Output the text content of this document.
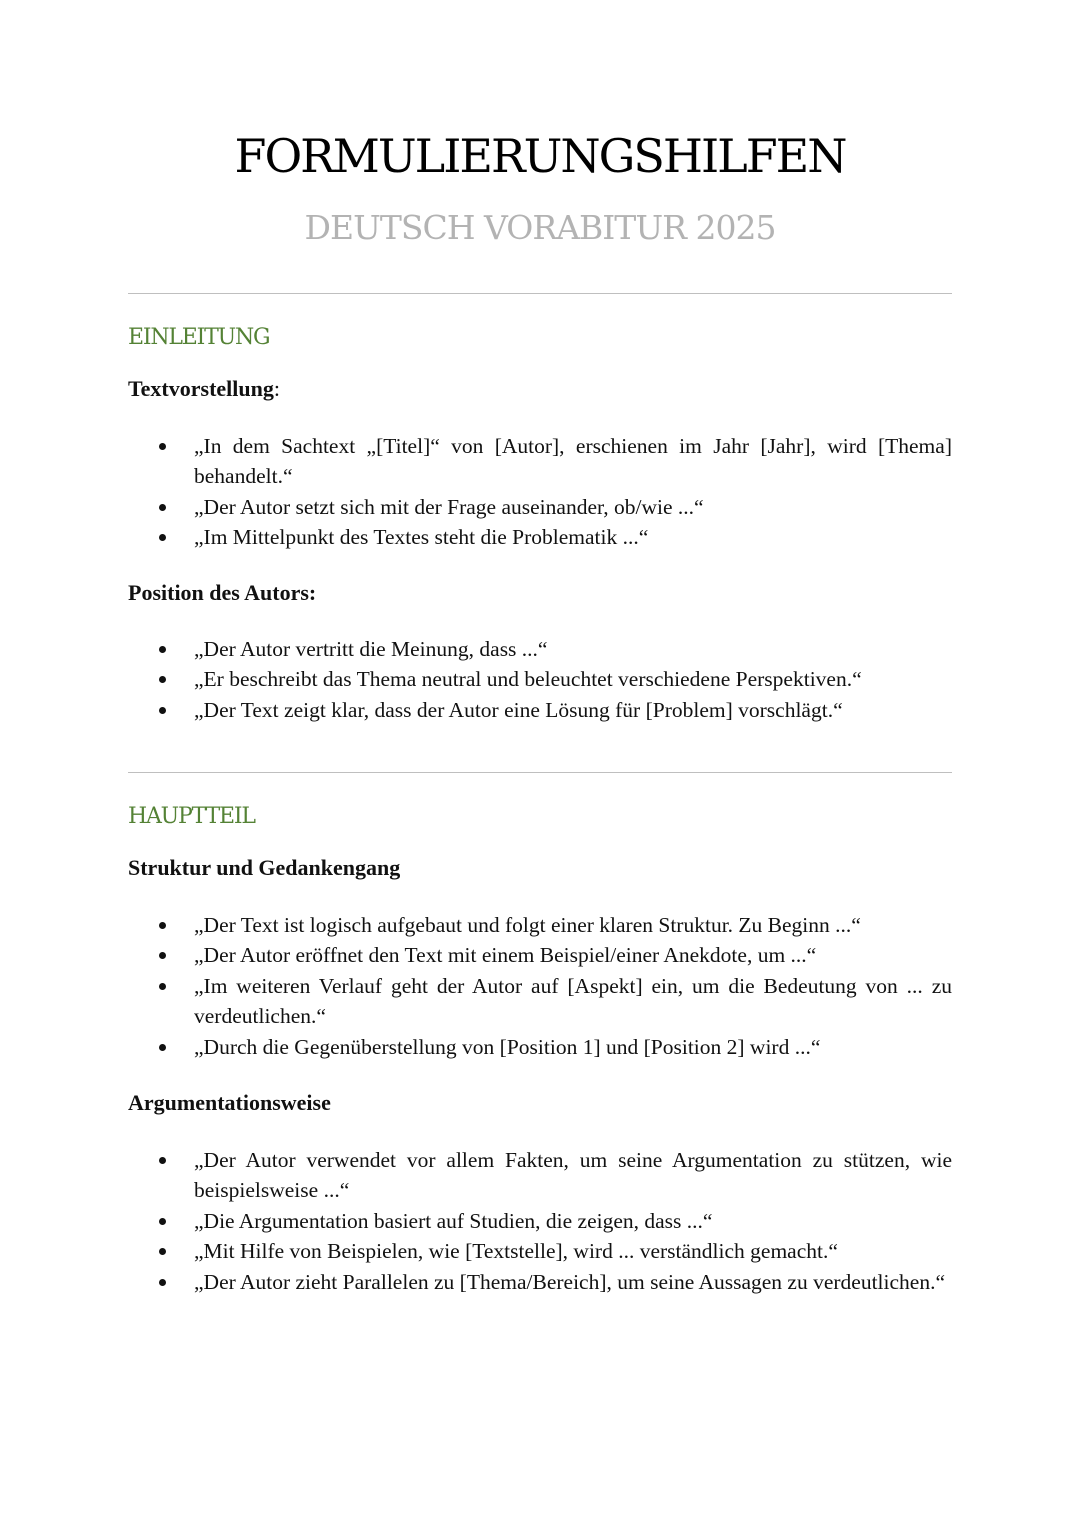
FORMULIERUNGSHILFEN
DEUTSCH VORABITUR 2025
EINLEITUNG

Textvorstellung:

„In dem Sachtext „[Titel]“ von [Autor], erschienen im Jahr [Jahr], wird [Thema] behandelt.“
„Der Autor setzt sich mit der Frage auseinander, ob/wie ...“
„Im Mittelpunkt des Textes steht die Problematik ...“

Position des Autors:

„Der Autor vertritt die Meinung, dass ...“
„Er beschreibt das Thema neutral und beleuchtet verschiedene Perspektiven.“
„Der Text zeigt klar, dass der Autor eine Lösung für [Problem] vorschlägt.“
HAUPTTEIL

Struktur und Gedankengang

„Der Text ist logisch aufgebaut und folgt einer klaren Struktur. Zu Beginn ...“
„Der Autor eröffnet den Text mit einem Beispiel/einer Anekdote, um ...“
„Im weiteren Verlauf geht der Autor auf [Aspekt] ein, um die Bedeutung von ... zu verdeutlichen.“
„Durch die Gegenüberstellung von [Position 1] und [Position 2] wird ...“

Argumentationsweise

„Der Autor verwendet vor allem Fakten, um seine Argumentation zu stützen, wie beispielsweise ...“
„Die Argumentation basiert auf Studien, die zeigen, dass ...“
„Mit Hilfe von Beispielen, wie [Textstelle], wird ... verständlich gemacht.“
„Der Autor zieht Parallelen zu [Thema/Bereich], um seine Aussagen zu verdeutlichen.“
